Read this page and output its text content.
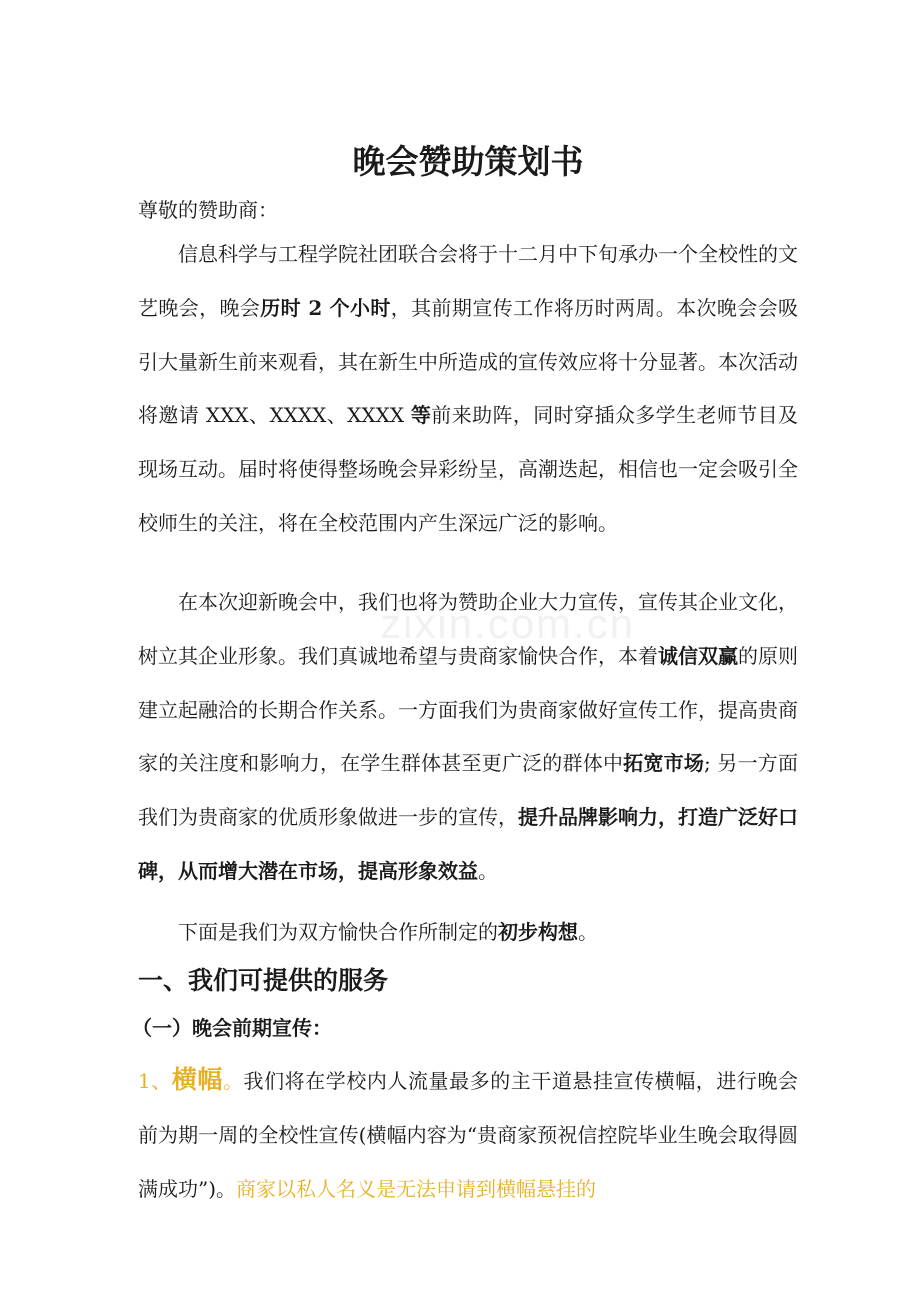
zixin.com.cn
晚会赞助策划书
尊敬的赞助商：

信息科学与工程学院社团联合会将于十二月中下旬承办一个全校性的文艺晚会，晚会历时 2 个小时，其前期宣传工作将历时两周。本次晚会会吸引大量新生前来观看，其在新生中所造成的宣传效应将十分显著。本次活动将邀请 XXX、XXXX、XXXX 等前来助阵，同时穿插众多学生老师节目及现场互动。届时将使得整场晚会异彩纷呈，高潮迭起，相信也一定会吸引全校师生的关注，将在全校范围内产生深远广泛的影响。

在本次迎新晚会中，我们也将为赞助企业大力宣传，宣传其企业文化，树立其企业形象。我们真诚地希望与贵商家愉快合作，本着诚信双赢的原则建立起融洽的长期合作关系。一方面我们为贵商家做好宣传工作，提高贵商家的关注度和影响力，在学生群体甚至更广泛的群体中拓宽市场; 另一方面我们为贵商家的优质形象做进一步的宣传，提升品牌影响力，打造广泛好口碑，从而增大潜在市场，提高形象效益。

下面是我们为双方愉快合作所制定的初步构想。

一、我们可提供的服务
（一）晚会前期宣传：

1、横幅。我们将在学校内人流量最多的主干道悬挂宣传横幅，进行晚会前为期一周的全校性宣传(横幅内容为“贵商家预祝信控院毕业生晚会取得圆满成功”)。商家以私人名义是无法申请到横幅悬挂的
